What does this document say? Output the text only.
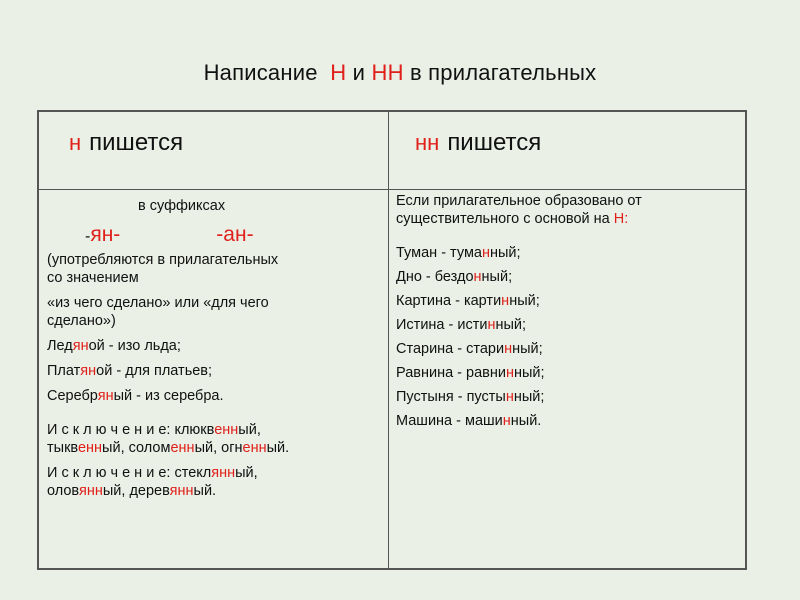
Написание Н и НН в прилагательных
н пишется	нн пишется

в суффиксах

-ян-	-ан-

(употребляются в прилагательных

со значением

«из чего сделано» или «для чего

сделано»)

Ледяной - изо льда;

Платяной - для платьев;

Серебряный - из серебра.

И с к л ю ч е н и е: клюквенный,

тыквенный, соломенный, огненный.

И с к л ю ч е н и е: стеклянный,

оловянный, деревянный.

Если прилагательное образовано от

существительного с основой на Н:

Туман - туманный;

Дно - бездонный;

Картина - картинный;

Истина - истинный;

Старина - старинный;

Равнина - равнинный;

Пустыня - пустынный;

Машина - машинный.
